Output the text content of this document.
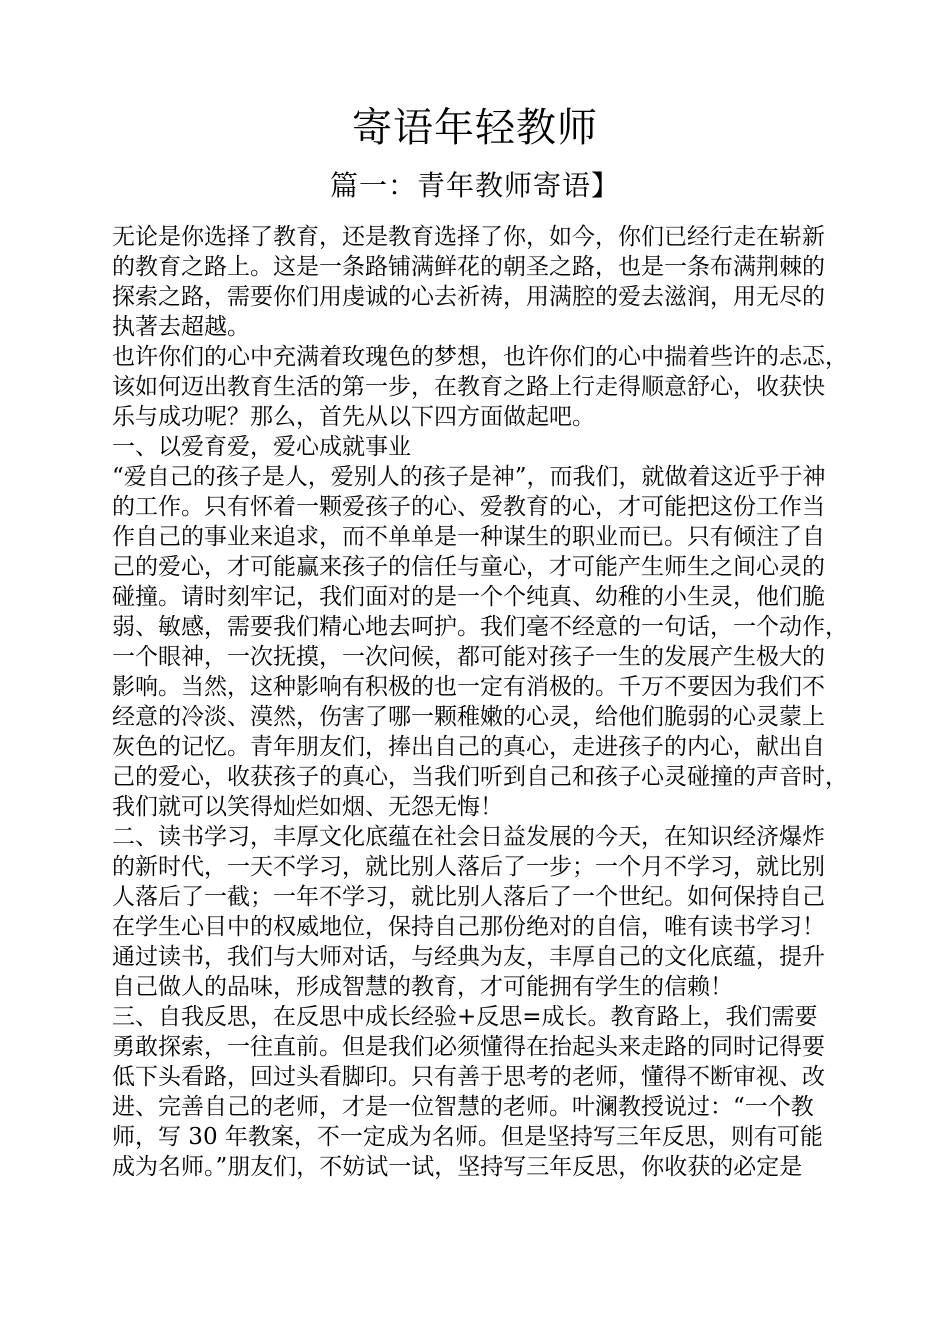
寄语年轻教师
篇一：青年教师寄语】
无论是你选择了教育，还是教育选择了你，如今，你们已经行走在崭新
的教育之路上。这是一条路铺满鲜花的朝圣之路，也是一条布满荆棘的
探索之路，需要你们用虔诚的心去祈祷，用满腔的爱去滋润，用无尽的
执著去超越。
也许你们的心中充满着玫瑰色的梦想，也许你们的心中揣着些许的忐忑，
该如何迈出教育生活的第一步，在教育之路上行走得顺意舒心，收获快
乐与成功呢？那么，首先从以下四方面做起吧。
一、以爱育爱，爱心成就事业
“爱自己的孩子是人，爱别人的孩子是神”，而我们，就做着这近乎于神
的工作。只有怀着一颗爱孩子的心、爱教育的心，才可能把这份工作当
作自己的事业来追求，而不单单是一种谋生的职业而已。只有倾注了自
己的爱心，才可能赢来孩子的信任与童心，才可能产生师生之间心灵的
碰撞。请时刻牢记，我们面对的是一个个纯真、幼稚的小生灵，他们脆
弱、敏感，需要我们精心地去呵护。我们毫不经意的一句话，一个动作，
一个眼神，一次抚摸，一次问候，都可能对孩子一生的发展产生极大的
影响。当然，这种影响有积极的也一定有消极的。千万不要因为我们不
经意的冷淡、漠然，伤害了哪一颗稚嫩的心灵，给他们脆弱的心灵蒙上
灰色的记忆。青年朋友们，捧出自己的真心，走进孩子的内心，献出自
己的爱心，收获孩子的真心，当我们听到自己和孩子心灵碰撞的声音时，
我们就可以笑得灿烂如烟、无怨无悔！
二、读书学习，丰厚文化底蕴在社会日益发展的今天，在知识经济爆炸
的新时代，一天不学习，就比别人落后了一步；一个月不学习，就比别
人落后了一截；一年不学习，就比别人落后了一个世纪。如何保持自己
在学生心目中的权威地位，保持自己那份绝对的自信，唯有读书学习！
通过读书，我们与大师对话，与经典为友，丰厚自己的文化底蕴，提升
自己做人的品味，形成智慧的教育，才可能拥有学生的信赖！
三、自我反思，在反思中成长经验+反思=成长。教育路上，我们需要
勇敢探索，一往直前。但是我们必须懂得在抬起头来走路的同时记得要
低下头看路，回过头看脚印。只有善于思考的老师，懂得不断审视、改
进、完善自己的老师，才是一位智慧的老师。叶澜教授说过：“一个教
师，写 30 年教案，不一定成为名师。但是坚持写三年反思，则有可能
成为名师。”朋友们，不妨试一试，坚持写三年反思，你收获的必定是
